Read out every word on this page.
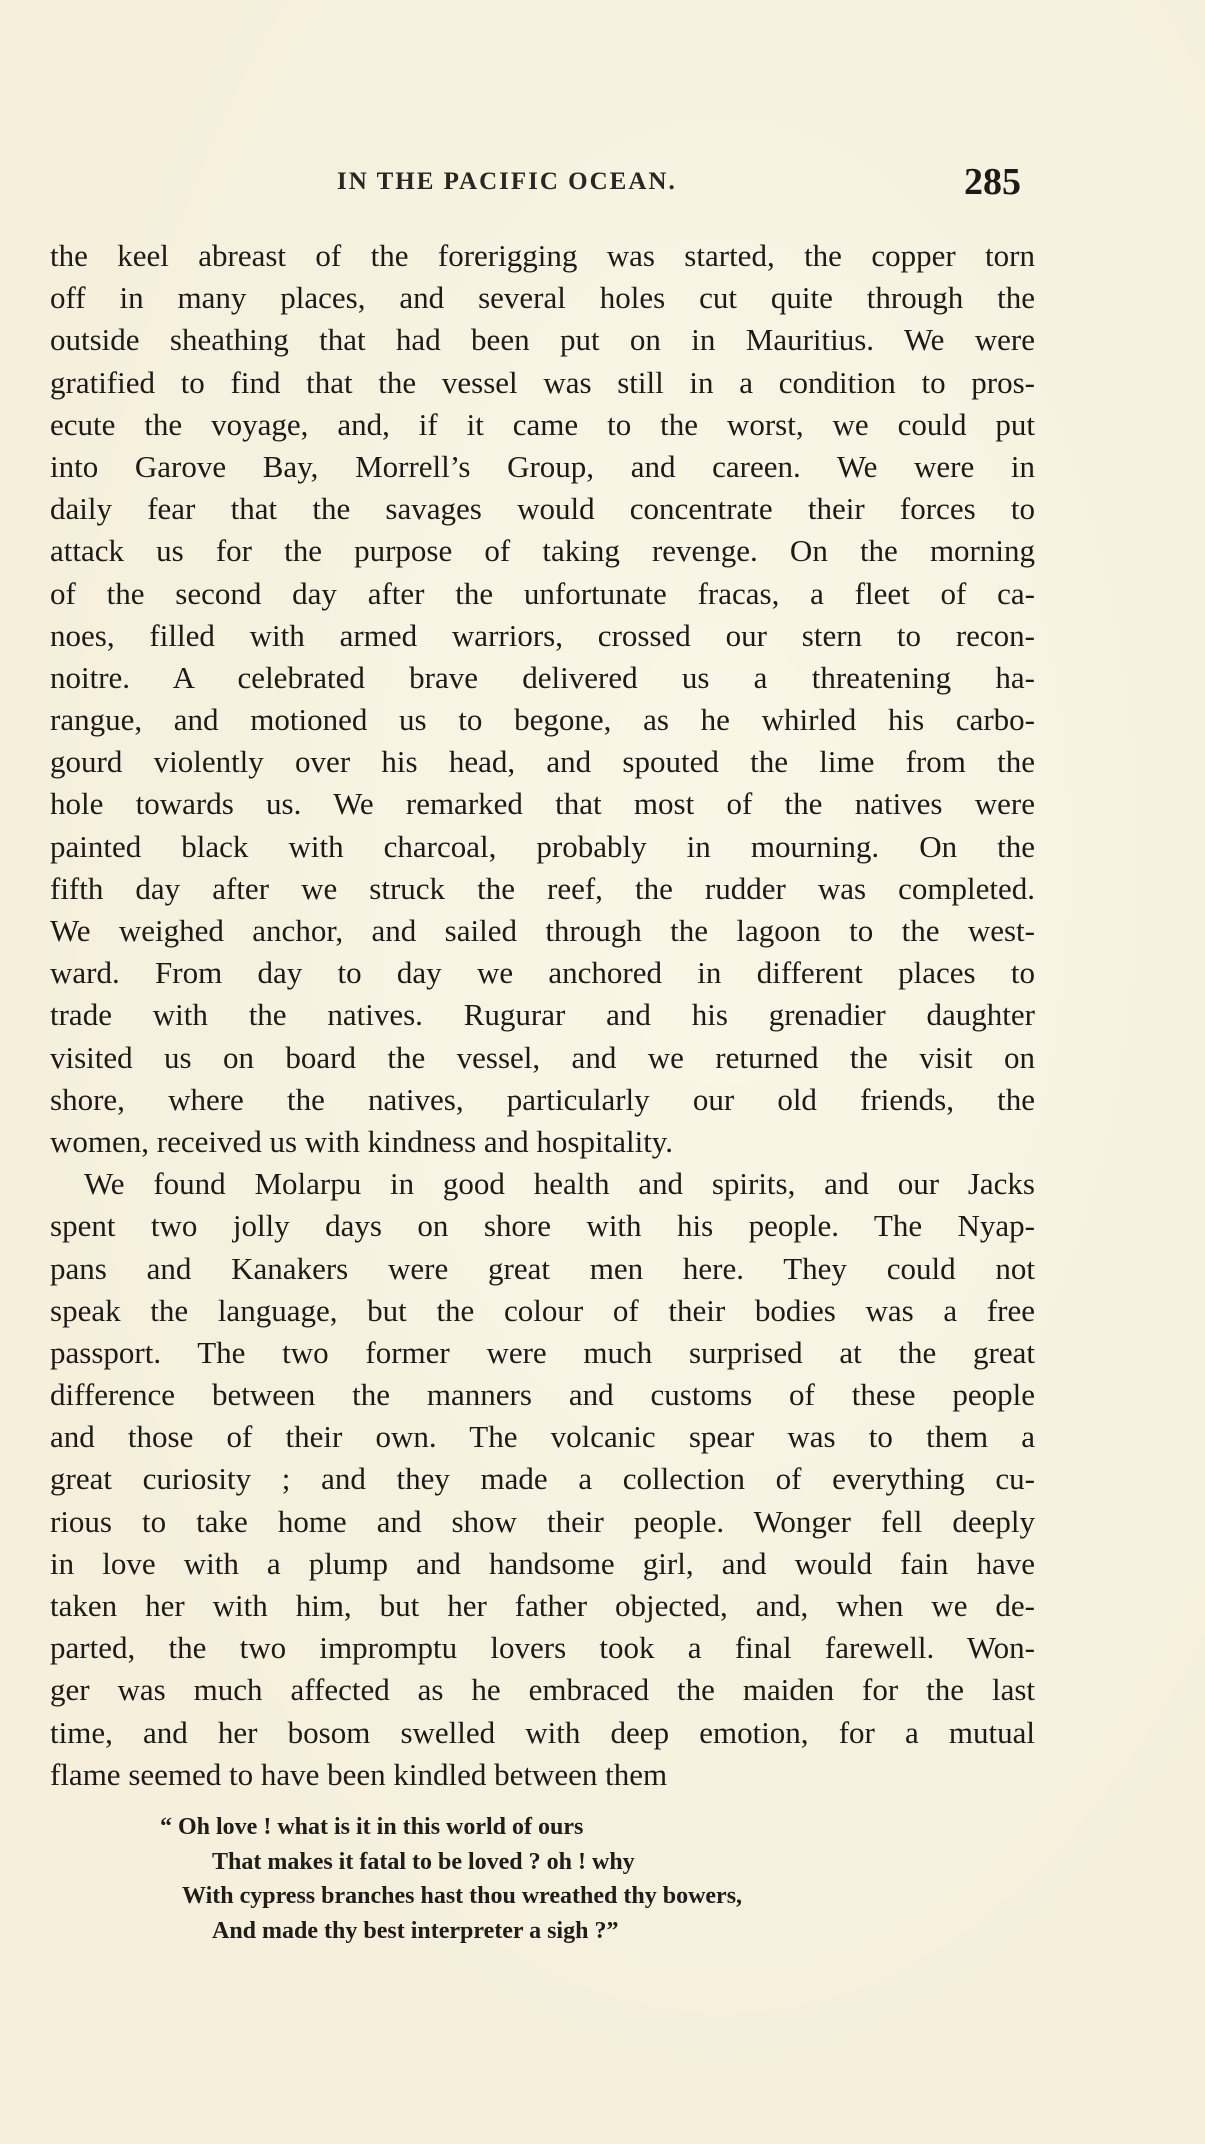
IN THE PACIFIC OCEAN.	285
the keel abreast of the forerigging was started, the copper torn
off in many places, and several holes cut quite through the
outside sheathing that had been put on in Mauritius. We were
gratified to find that the vessel was still in a condition to pros-
ecute the voyage, and, if it came to the worst, we could put
into Garove Bay, Morrell’s Group, and careen. We were in
daily fear that the savages would concentrate their forces to
attack us for the purpose of taking revenge. On the morning
of the second day after the unfortunate fracas, a fleet of ca-
noes, filled with armed warriors, crossed our stern to recon-
noitre. A celebrated brave delivered us a threatening ha-
rangue, and motioned us to begone, as he whirled his carbo-
gourd violently over his head, and spouted the lime from the
hole towards us. We remarked that most of the natives were
painted black with charcoal, probably in mourning. On the
fifth day after we struck the reef, the rudder was completed.
We weighed anchor, and sailed through the lagoon to the west-
ward. From day to day we anchored in different places to
trade with the natives. Rugurar and his grenadier daughter
visited us on board the vessel, and we returned the visit on
shore, where the natives, particularly our old friends, the
women, received us with kindness and hospitality.
We found Molarpu in good health and spirits, and our Jacks
spent two jolly days on shore with his people. The Nyap-
pans and Kanakers were great men here. They could not
speak the language, but the colour of their bodies was a free
passport. The two former were much surprised at the great
difference between the manners and customs of these people
and those of their own. The volcanic spear was to them a
great curiosity ; and they made a collection of everything cu-
rious to take home and show their people. Wonger fell deeply
in love with a plump and handsome girl, and would fain have
taken her with him, but her father objected, and, when we de-
parted, the two impromptu lovers took a final farewell. Won-
ger was much affected as he embraced the maiden for the last
time, and her bosom swelled with deep emotion, for a mutual
flame seemed to have been kindled between them
“ Oh love ! what is it in this world of ours
That makes it fatal to be loved ? oh ! why
With cypress branches hast thou wreathed thy bowers,
And made thy best interpreter a sigh ?”
